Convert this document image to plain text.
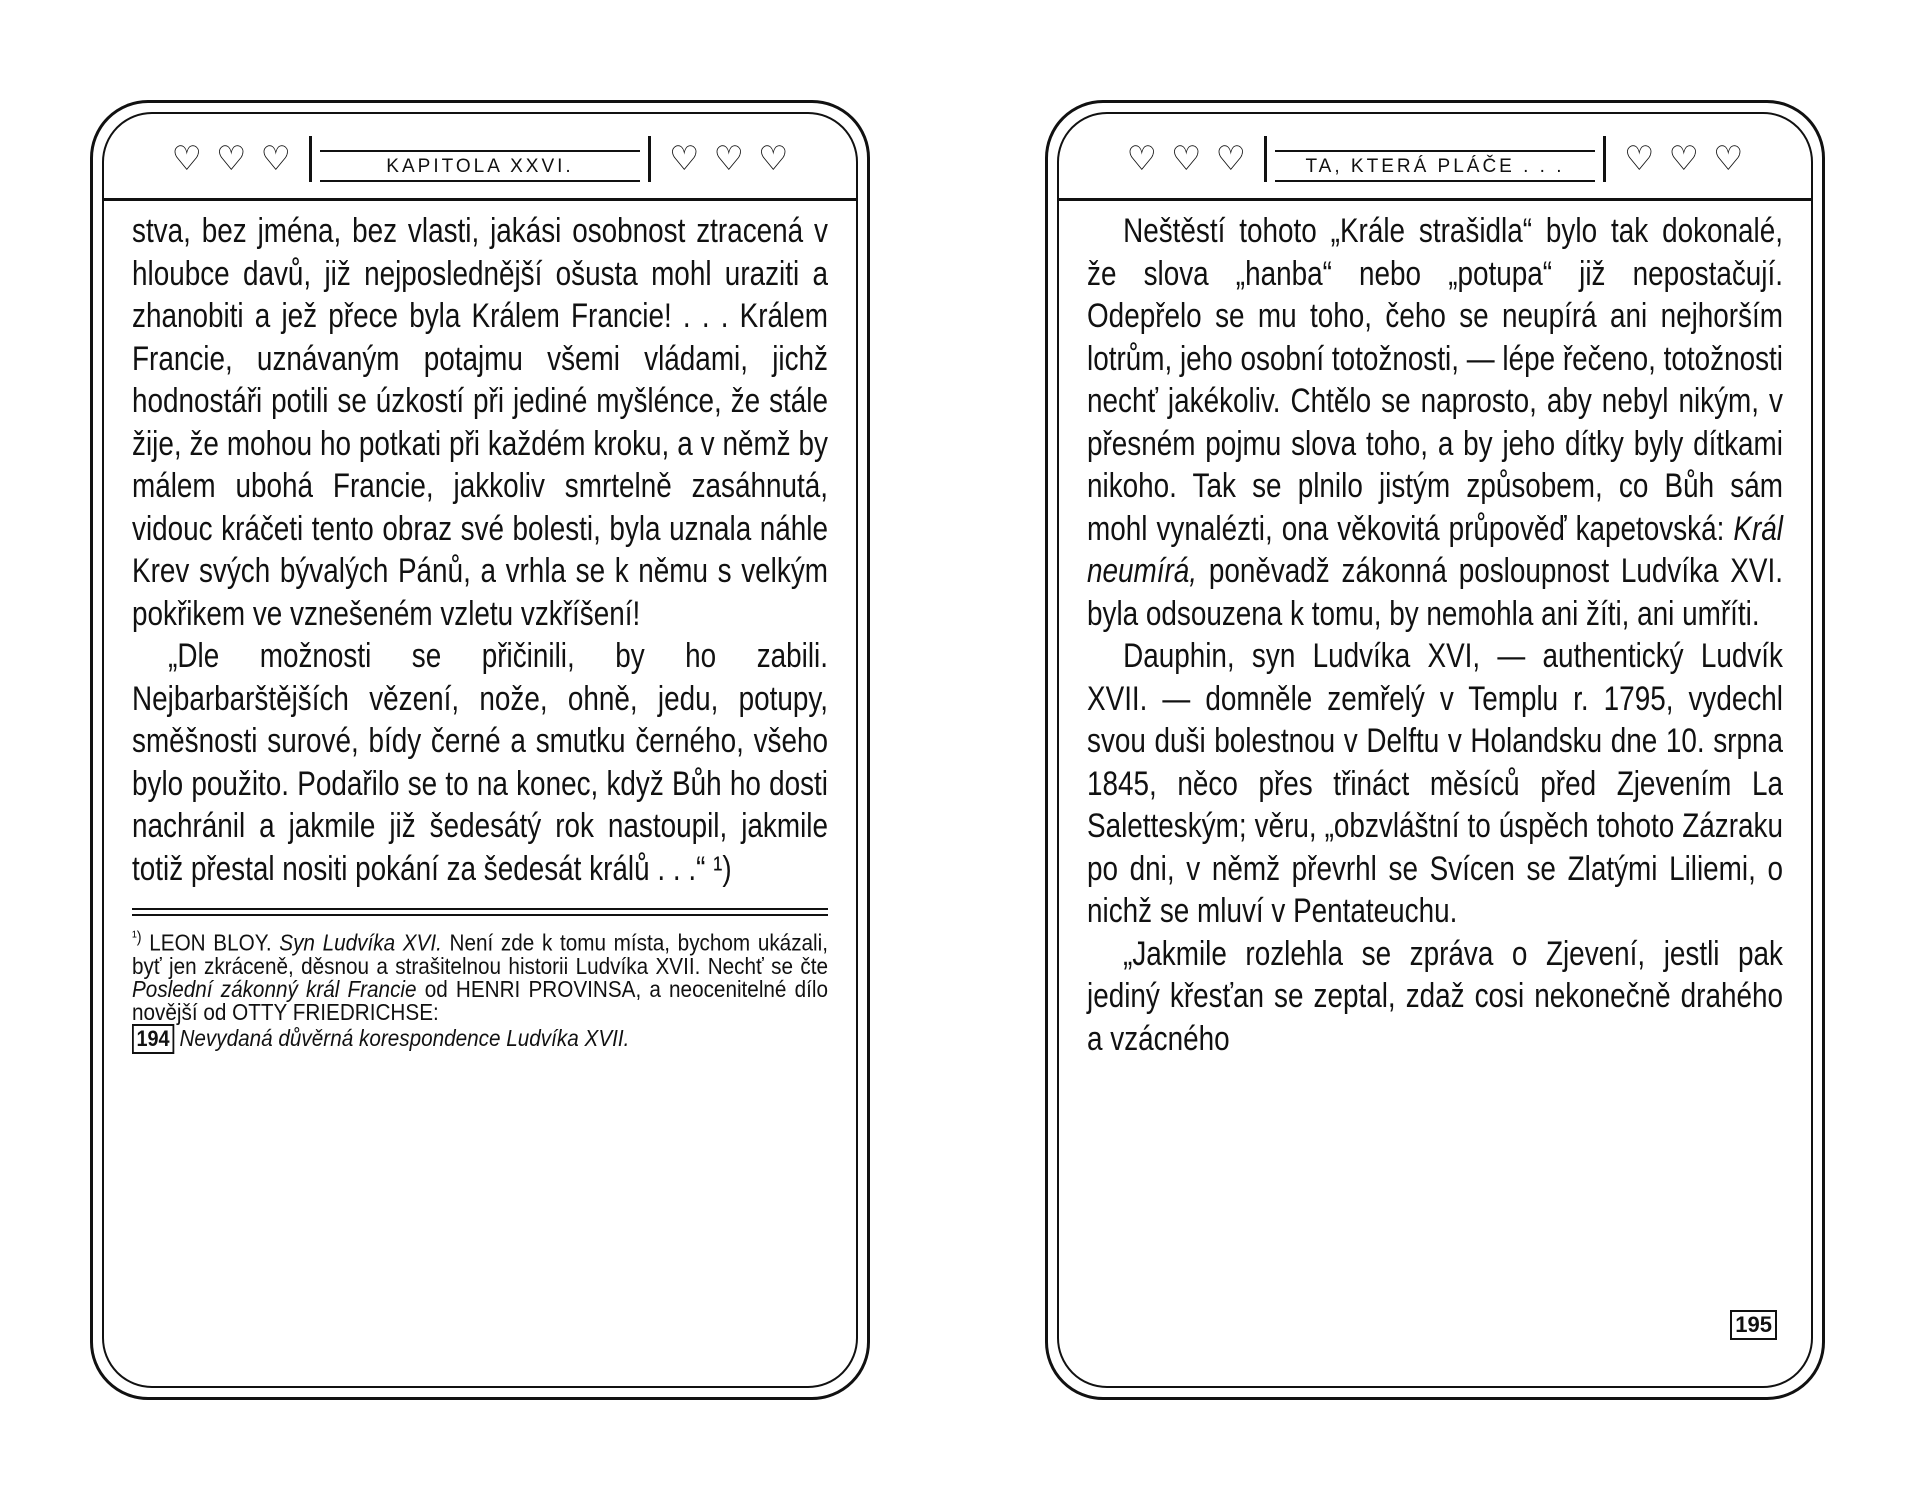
♡ ♡ ♡	KAPITOLA XXVI.	♡ ♡ ♡

stva, bez jména, bez vlasti, jakási osobnost ztracená v hloubce davů, již nejposlednější ošusta mohl uraziti a zhanobiti a jež přece byla Králem Francie! . . . Králem Francie, uznávaným potajmu všemi vládami, jichž hodnostáři potili se úzkostí při jediné myšlénce, že stále žije, že mohou ho potkati při každém kroku, a v němž by málem ubohá Francie, jakkoliv smrtelně zasáhnutá, vidouc kráčeti tento obraz své bolesti, byla uznala náhle Krev svých bývalých Pánů, a vrhla se k němu s velkým pokřikem ve vznešeném vzletu vzkříšení!

„Dle možnosti se přičinili, by ho zabili. Nejbarbarštějších vězení, nože, ohně, jedu, potupy, směšnosti surové, bídy černé a smutku černého, všeho bylo použito. Podařilo se to na konec, když Bůh ho dosti nachránil a jakmile již šedesátý rok nastoupil, jakmile totiž přestal nositi pokání za šedesát králů . . .“ ¹)

$^{^1)}$ LEON BLOY. Syn Ludvíka XVI. Není zde k tomu místa, bychom ukázali, byť jen zkráceně, děsnou a strašitelnou historii Ludvíka XVII. Nechť se čte Poslední zákonný král Francie od HENRI PROVINSA, a neocenitelné dílo novější od OTTY FRIEDRICHSE:
194 Nevydaná důvěrná korespondence Ludvíka XVII.
♡ ♡ ♡	TA, KTERÁ PLÁČE . . .	♡ ♡ ♡

Neštěstí tohoto „Krále strašidla“ bylo tak dokonalé, že slova „hanba“ nebo „potupa“ již nepostačují. Odepřelo se mu toho, čeho se neupírá ani nejhorším lotrům, jeho osobní totožnosti, — lépe řečeno, totožnosti nechť jakékoliv. Chtělo se naprosto, aby nebyl nikým, v přesném pojmu slova toho, a by jeho dítky byly dítkami nikoho. Tak se plnilo jistým způsobem, co Bůh sám mohl vynalézti, ona věkovitá průpověď kapetovská: Král neumírá, poněvadž zákonná posloupnost Ludvíka XVI. byla odsouzena k tomu, by nemohla ani žíti, ani umříti.

Dauphin, syn Ludvíka XVI, — authentický Ludvík XVII. — domněle zemřelý v Templu r. 1795, vydechl svou duši bolestnou v Delftu v Holandsku dne 10. srpna 1845, něco přes třináct měsíců před Zjevením La Saletteským; věru, „obzvláštní to úspěch tohoto Zázraku po dni, v němž převrhl se Svícen se Zlatými Liliemi, o nichž se mluví v Pentateuchu.

„Jakmile rozlehla se zpráva o Zjevení, jestli pak jediný křesťan se zeptal, zdaž cosi nekonečně drahého a vzácného

195
